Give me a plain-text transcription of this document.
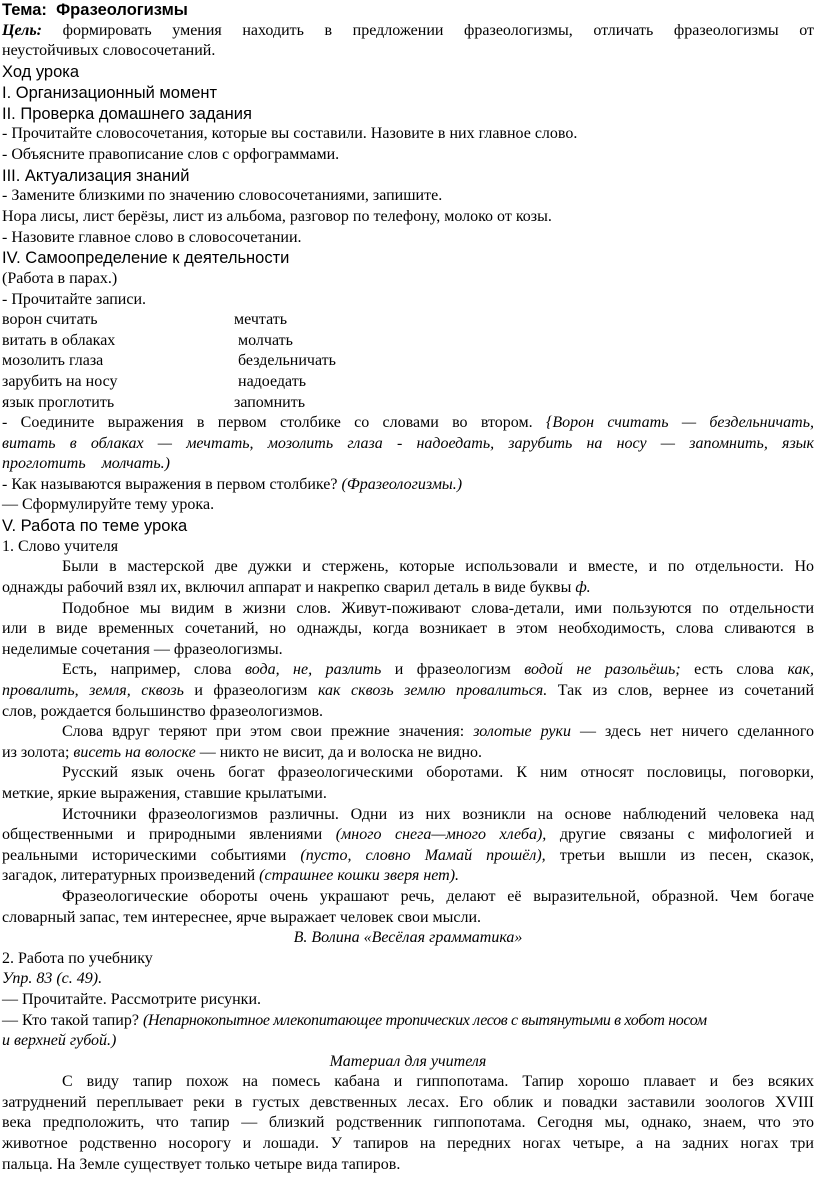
Тема: Фразеологизмы

Цель: формировать умения находить в предложении фразеологизмы, отличать фразеологизмы от

неустойчивых словосочетаний.

Ход урока

I. Организационный момент

II. Проверка домашнего задания

- Прочитайте словосочетания, которые вы составили. Назовите в них главное слово.

- Объясните правописание слов с орфограммами.

III. Актуализация знаний

- Замените близкими по значению словосочетаниями, запишите.

Нора лисы, лист берёзы, лист из альбома, разговор по телефону, молоко от козы.

- Назовите главное слово в словосочетании.

IV. Самоопределение к деятельности

(Работа в парах.)

- Прочитайте записи.

ворон считать	мечтать
витать в облаках	молчать
мозолить глаза	бездельничать
зарубить на носу	надоедать
язык проглотить	запомнить

- Соедините выражения в первом столбике со словами во втором. {Ворон считать — бездельничать,

витать в облаках — мечтать, мозолить глаза - надоедать, зарубить на носу — запомнить, язык

проглотить    молчать.)

- Как называются выражения в первом столбике? (Фразеологизмы.)

— Сформулируйте тему урока.

V. Работа по теме урока

1. Слово учителя

Были в мастерской две дужки и стержень, которые использовали и вместе, и по отдельности. Но

однажды рабочий взял их, включил аппарат и накрепко сварил деталь в виде буквы ф.

Подобное мы видим в жизни слов. Живут-поживают слова-детали, ими пользуются по отдельности

или в виде временных сочетаний, но однажды, когда возникает в этом необходимость, слова сливаются в

неделимые сочетания — фразеологизмы.

Есть, например, слова вода, не, разлить и фразеологизм водой не разольёшь; есть слова как,

провалить, земля, сквозь и фразеологизм как сквозь землю провалиться. Так из слов, вернее из сочетаний

слов, рождается большинство фразеологизмов.

Слова вдруг теряют при этом свои прежние значения: золотые руки — здесь нет ничего сделанного

из золота; висеть на волоске — никто не висит, да и волоска не видно.

Русский язык очень богат фразеологическими оборотами. К ним относят пословицы, поговорки,

меткие, яркие выражения, ставшие крылатыми.

Источники фразеологизмов различны. Одни из них возникли на основе наблюдений человека над

общественными и природными явлениями (много снега—много хлеба), другие связаны с мифологией и

реальными историческими событиями (пусто, словно Мамай прошёл), третьи вышли из песен, сказок,

загадок, литературных произведений (страшнее кошки зверя нет).

Фразеологические обороты очень украшают речь, делают её выразительной, образной. Чем богаче

словарный запас, тем интереснее, ярче выражает человек свои мысли.

В. Волина «Весёлая грамматика»

2. Работа по учебнику

Упр. 83 (с. 49).

— Прочитайте. Рассмотрите рисунки.

— Кто такой тапир? (Непарнокопытное млекопитающее тропических лесов с вытянутыми в хобот носом

и верхней губой.)

Материал для учителя

С виду тапир похож на помесь кабана и гиппопотама. Тапир хорошо плавает и без всяких

затруднений переплывает реки в густых девственных лесах. Его облик и повадки заставили зоологов XVIII

века предположить, что тапир — близкий родственник гиппопотама. Сегодня мы, однако, знаем, что это

животное родственно носорогу и лошади. У тапиров на передних ногах четыре, а на задних ногах три

пальца. На Земле существует только четыре вида тапиров.
